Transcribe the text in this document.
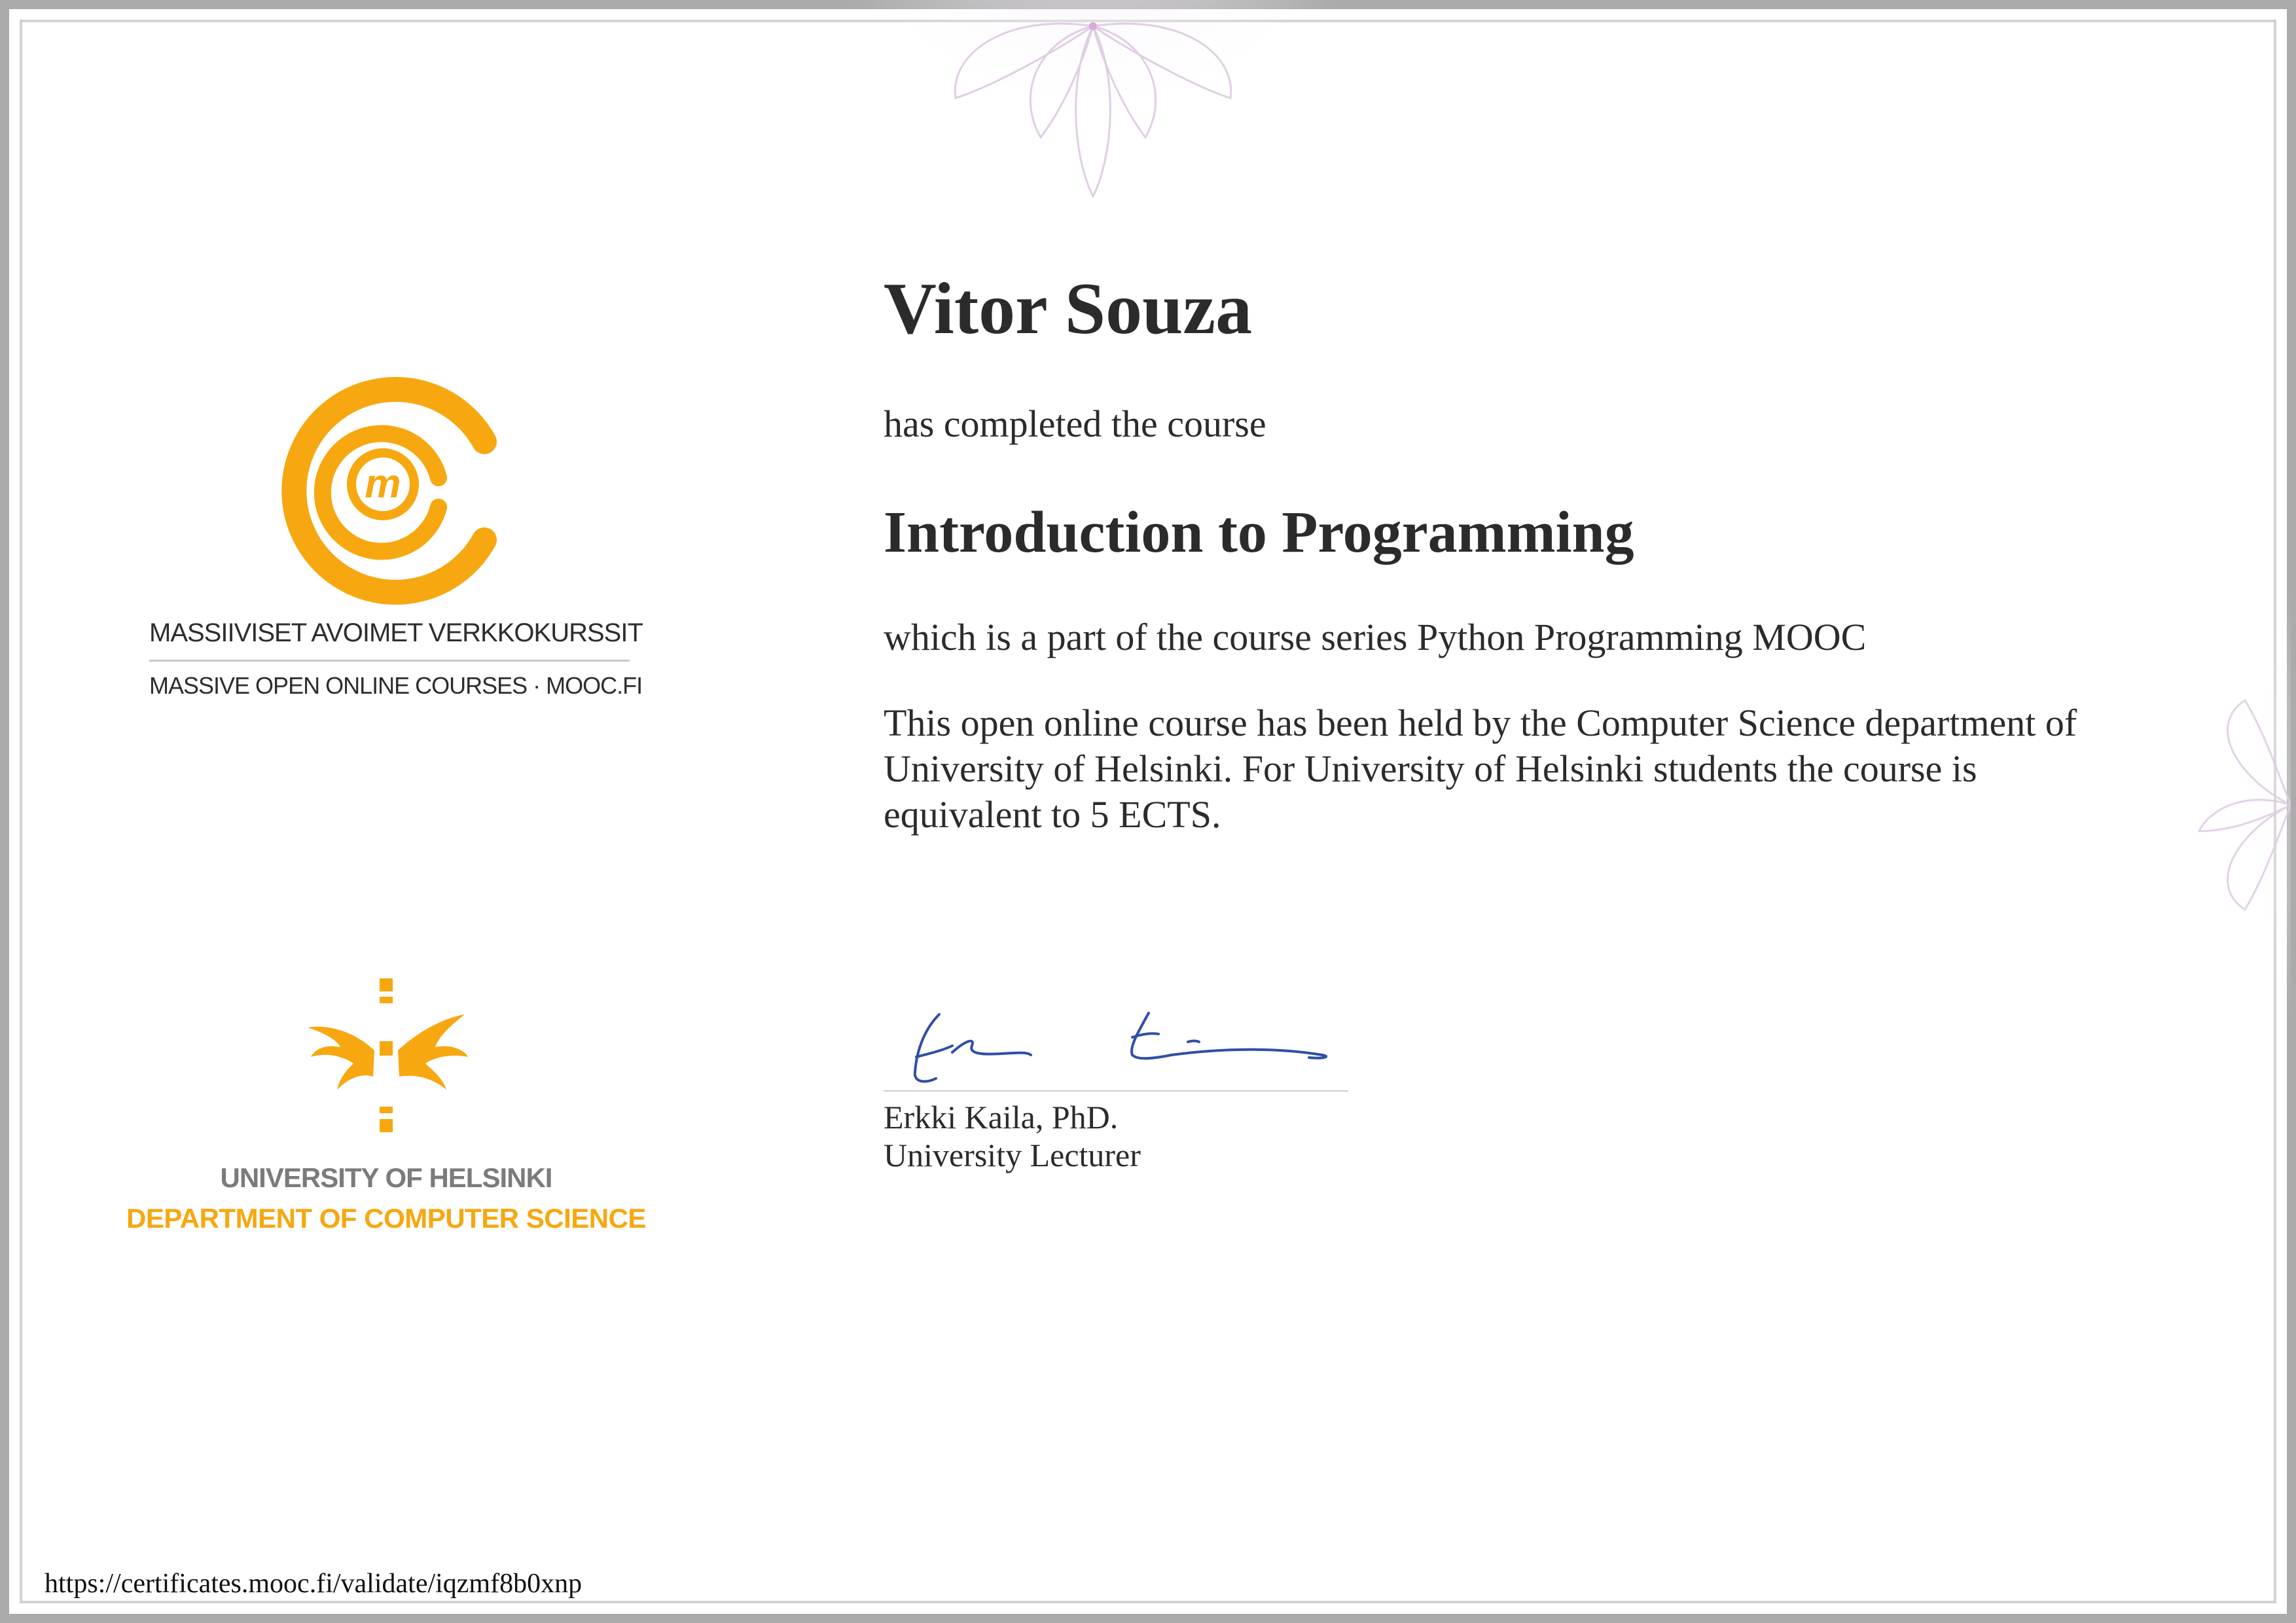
m
MASSIIVISET AVOIMET VERKKOKURSSIT
MASSIVE OPEN ONLINE COURSES · MOOC.FI
UNIVERSITY OF HELSINKI
DEPARTMENT OF COMPUTER SCIENCE
Vitor Souza
has completed the course
Introduction to Programming
which is a part of the course series Python Programming MOOC
This open online course has been held by the Computer Science department of University of Helsinki. For University of Helsinki students the course is equivalent to 5 ECTS.
Erkki Kaila, PhD.
University Lecturer
https://certificates.mooc.fi/validate/iqzmf8b0xnp
